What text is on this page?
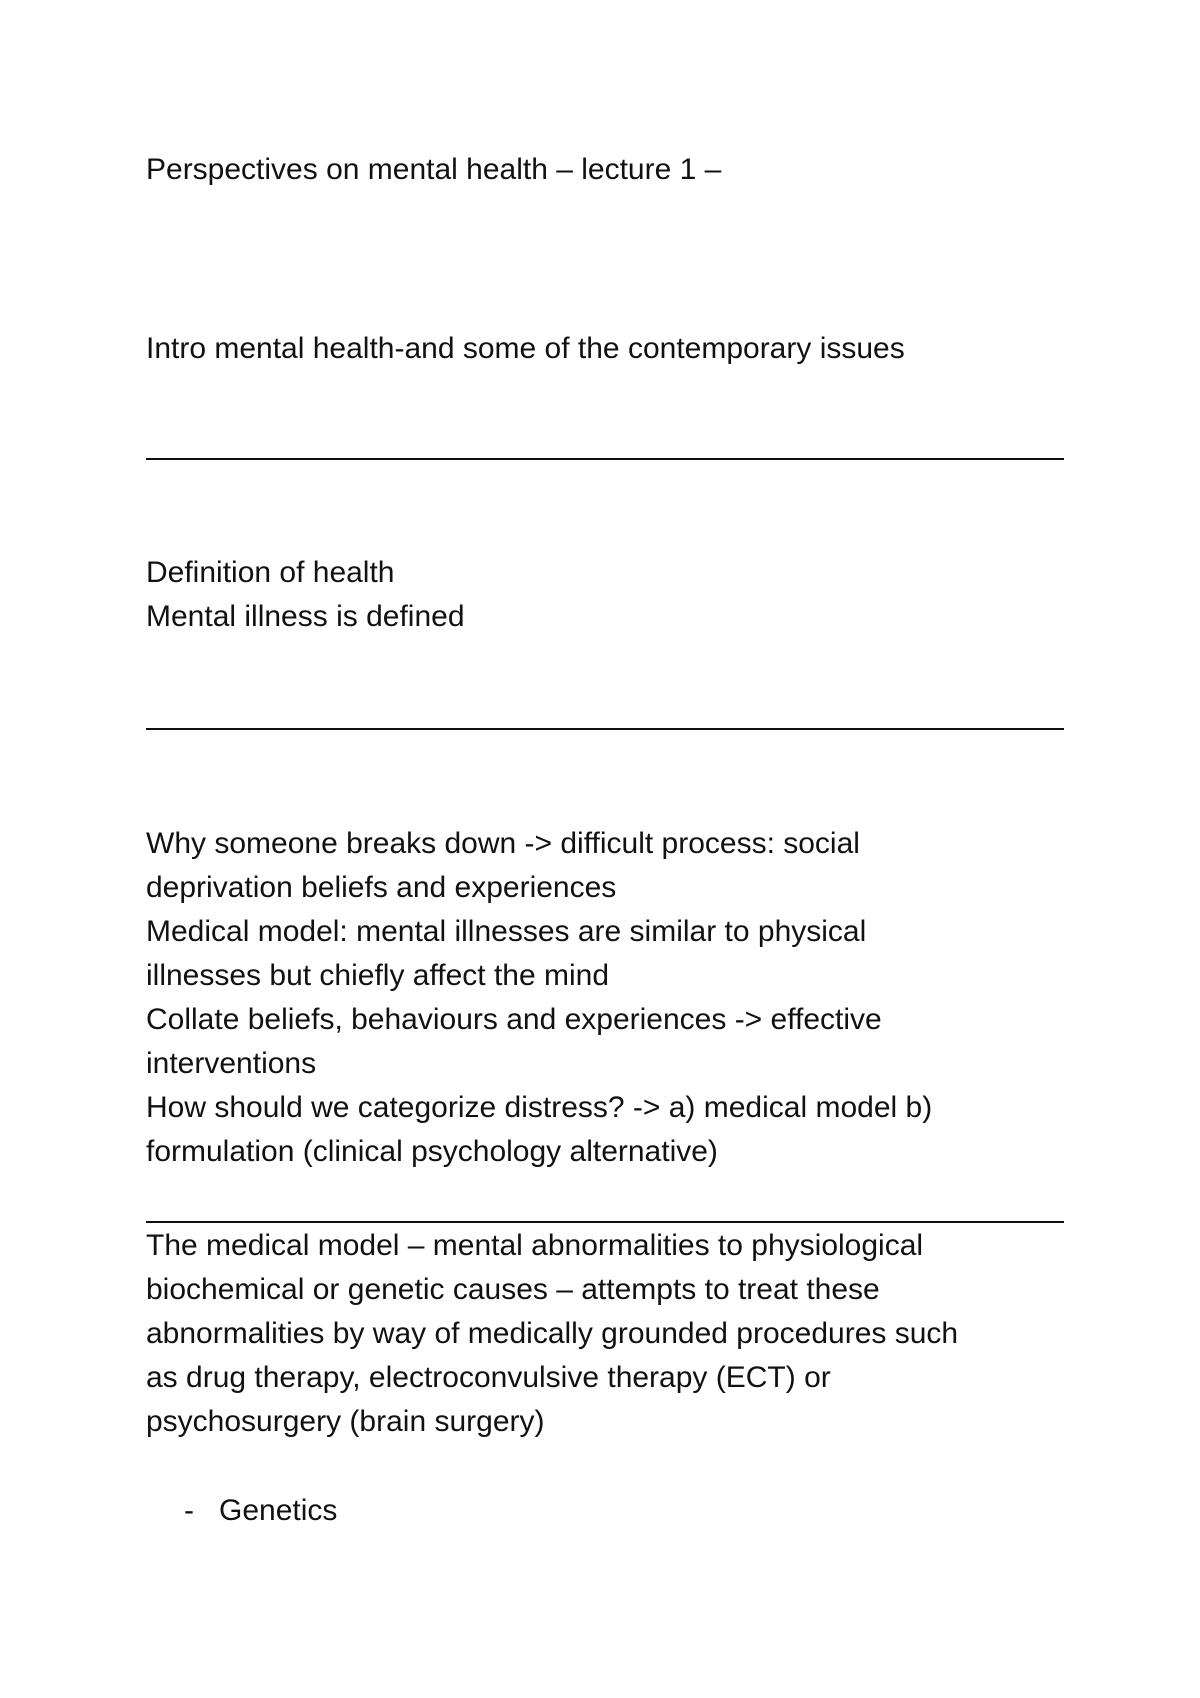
Perspectives on mental health – lecture 1 –
Intro mental health-and some of the contemporary issues
Definition of health
Mental illness is defined
Why someone breaks down -> difficult process: social
deprivation beliefs and experiences
Medical model: mental illnesses are similar to physical
illnesses but chiefly affect the mind
Collate beliefs, behaviours and experiences -> effective
interventions
How should we categorize distress? -> a) medical model b)
formulation (clinical psychology alternative)
The medical model – mental abnormalities to physiological
biochemical or genetic causes – attempts to treat these
abnormalities by way of medically grounded procedures such
as drug therapy, electroconvulsive therapy (ECT) or
psychosurgery (brain surgery)
- Genetics
